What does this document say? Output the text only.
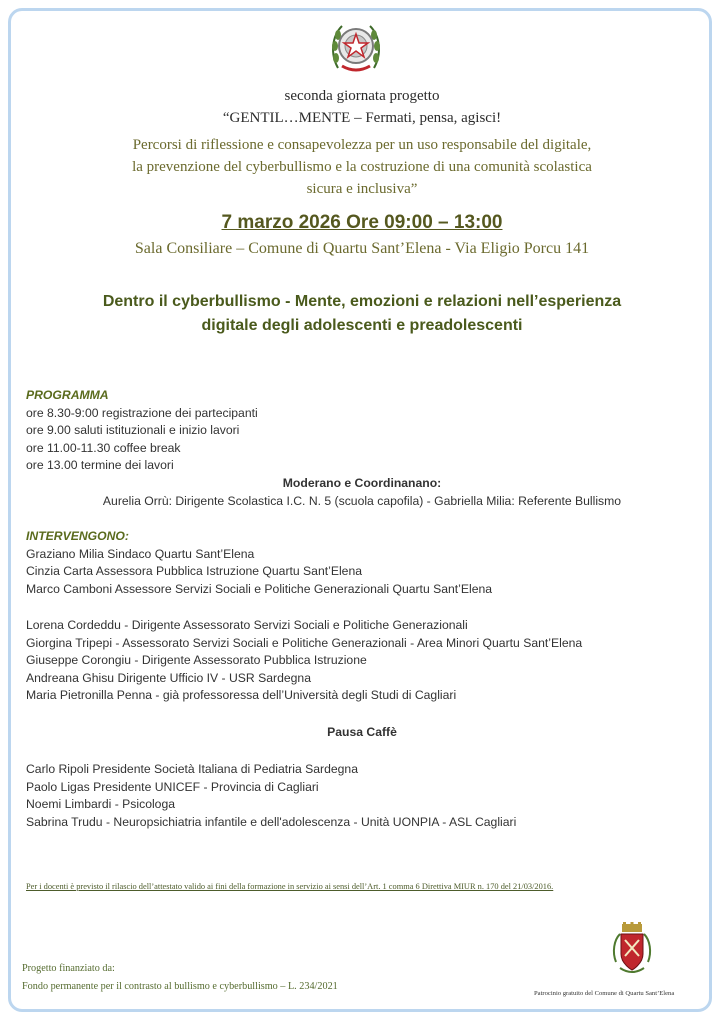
seconda giornata progetto
“GENTIL…MENTE – Fermati, pensa, agisci!
Percorsi di riflessione e consapevolezza per un uso responsabile del digitale,
la prevenzione del cyberbullismo e la costruzione di una comunità scolastica
sicura e inclusiva”
7 marzo 2026 Ore 09:00 – 13:00
Sala Consiliare – Comune di Quartu Sant’Elena - Via Eligio Porcu 141
Dentro il cyberbullismo - Mente, emozioni e relazioni nell’esperienza
digitale degli adolescenti e preadolescenti
PROGRAMMA
ore 8.30-9:00 registrazione dei partecipanti
ore 9.00 saluti istituzionali e inizio lavori
ore 11.00-11.30 coffee break
ore 13.00 termine dei lavori
Moderano e Coordinanano:
Aurelia Orrù: Dirigente Scolastica I.C. N. 5 (scuola capofila) - Gabriella Milia: Referente Bullismo
INTERVENGONO:
Graziano Milia Sindaco Quartu Sant’Elena
Cinzia Carta Assessora Pubblica Istruzione Quartu Sant’Elena
Marco Camboni Assessore Servizi Sociali e Politiche Generazionali Quartu Sant’Elena
Lorena Cordeddu - Dirigente Assessorato Servizi Sociali e Politiche Generazionali
Giorgina Tripepi - Assessorato Servizi Sociali e Politiche Generazionali - Area Minori Quartu Sant’Elena
Giuseppe Corongiu - Dirigente Assessorato Pubblica Istruzione
Andreana Ghisu Dirigente Ufficio IV - USR Sardegna
Maria Pietronilla Penna - già professoressa dell’Università degli Studi di Cagliari
Pausa Caffè
Carlo Ripoli Presidente Società Italiana di Pediatria Sardegna
Paolo Ligas Presidente UNICEF - Provincia di Cagliari
Noemi Limbardi - Psicologa
Sabrina Trudu - Neuropsichiatria infantile e dell'adolescenza - Unità UONPIA - ASL Cagliari
Per i docenti è previsto il rilascio dell’attestato valido ai fini della formazione in servizio ai sensi dell’Art. 1 comma 6 Direttiva MIUR n. 170 del 21/03/2016.
Progetto finanziato da:
Fondo permanente per il contrasto al bullismo e cyberbullismo – L. 234/2021
Patrocinio gratuito del Comune di Quartu Sant’Elena
